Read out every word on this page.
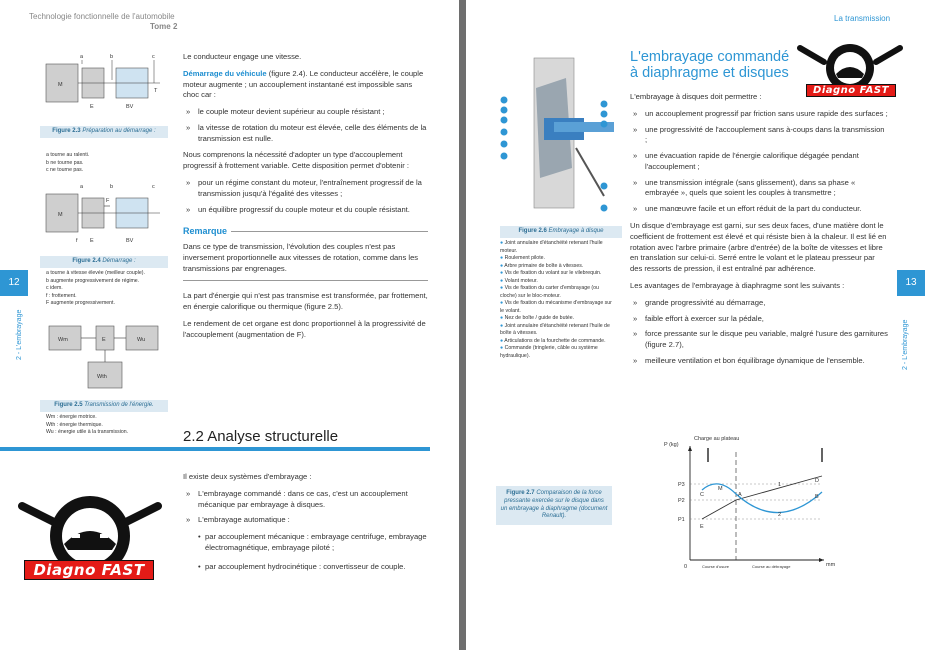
Technologie fonctionnelle de l'automobile
Tome 2
12
2 - L'embrayage
a	b	c
M
E	BV
T
Figure 2.3 Préparation au démarrage :
a tourne au ralenti.
b ne tourne pas.
c ne tourne pas.
a	b	c
M
f E	BV
F
Figure 2.4 Démarrage :
a tourne à vitesse élevée (meilleur couple).
b augmente progressivement de régime.
c idem.
f : frottement.
F augmente progressivement.
Wm	E	Wu
Wth
Figure 2.5 Transmission de l'énergie.
Wm : énergie motrice.
Wth : énergie thermique.
Wu : énergie utile à la transmission.

Le conducteur engage une vitesse.

Démarrage du véhicule (figure 2.4). Le conducteur accélère, le couple moteur augmente ; un accouplement instantané est impossible sans choc car :

» le couple moteur devient supérieur au couple résistant ;
» la vitesse de rotation du moteur est élevée, celle des éléments de la transmission est nulle.

Nous comprenons la nécessité d'adopter un type d'accouplement progressif à frottement variable. Cette disposition permet d'obtenir :

» pour un régime constant du moteur, l'entraînement progressif de la transmission jusqu'à l'égalité des vitesses ;
» un équilibre progressif du couple moteur et du couple résistant.
Remarque

Dans ce type de transmission, l'évolution des couples n'est pas inversement proportionnelle aux vitesses de rotation, comme dans les transmissions par engrenages.

La part d'énergie qui n'est pas transmise est transformée, par frottement, en énergie calorifique ou thermique (figure 2.5).

Le rendement de cet organe est donc proportionnel à la progressivité de l'accouplement (augmentation de F).

2.2 Analyse structurelle

Il existe deux systèmes d'embrayage :

» L'embrayage commandé : dans ce cas, c'est un accouplement mécanique par embrayage à disques.
» L'embrayage automatique :
• par accouplement mécanique : embrayage centrifuge, embrayage électromagnétique, embrayage piloté ;
• par accouplement hydrocinétique : convertisseur de couple.
Diagno FAST
La transmission
13
2 - L'embrayage
Figure 2.6 Embrayage à disque
● Joint annulaire d'étanchéité retenant l'huile moteur.
● Roulement pilote.
● Arbre primaire de boîte à vitesses.
● Vis de fixation du volant sur le vilebrequin.
● Volant moteur.
● Vis de fixation du carter d'embrayage (ou cloche) sur le bloc-moteur.
● Vis de fixation du mécanisme d'embrayage sur le volant.
● Nez de boîte / guide de butée.
● Joint annulaire d'étanchéité retenant l'huile de boîte à vitesses.
● Articulations de la fourchette de commande.
● Commande (tringlerie, câble ou système hydraulique).
L'embrayage commandé à diaphragme et disques
Diagno FAST

L'embrayage à disques doit permettre :

» un accouplement progressif par friction sans usure rapide des surfaces ;
» une progressivité de l'accouplement sans à-coups dans la transmission ;
» une évacuation rapide de l'énergie calorifique dégagée pendant l'accouplement ;
» une transmission intégrale (sans glissement), dans sa phase « embrayée », quels que soient les couples à transmettre ;
» une manœuvre facile et un effort réduit de la part du conducteur.

Un disque d'embrayage est garni, sur ses deux faces, d'une matière dont le coefficient de frottement est élevé et qui résiste bien à la chaleur. Il est lié en rotation avec l'arbre primaire (arbre d'entrée) de la boîte de vitesses et libre en translation sur celui-ci. Serré entre le volant et le plateau presseur par des ressorts de pression, il est entraîné par adhérence.

Les avantages de l'embrayage à diaphragme sont les suivants :

» grande progressivité au démarrage,
» faible effort à exercer sur la pédale,
» force pressante sur le disque peu variable, malgré l'usure des garnitures (figure 2.7),
» meilleure ventilation et bon équilibrage dynamique de l'ensemble.
Figure 2.7 Comparaison de la force pressante exercée sur le disque dans un embrayage à diaphragme (document Renault).
P (kg)
Charge au plateau
P3
P2
P1
C
M
A	B
D
E
1
2
0	mm
Course d'usure	Course au débrayage
